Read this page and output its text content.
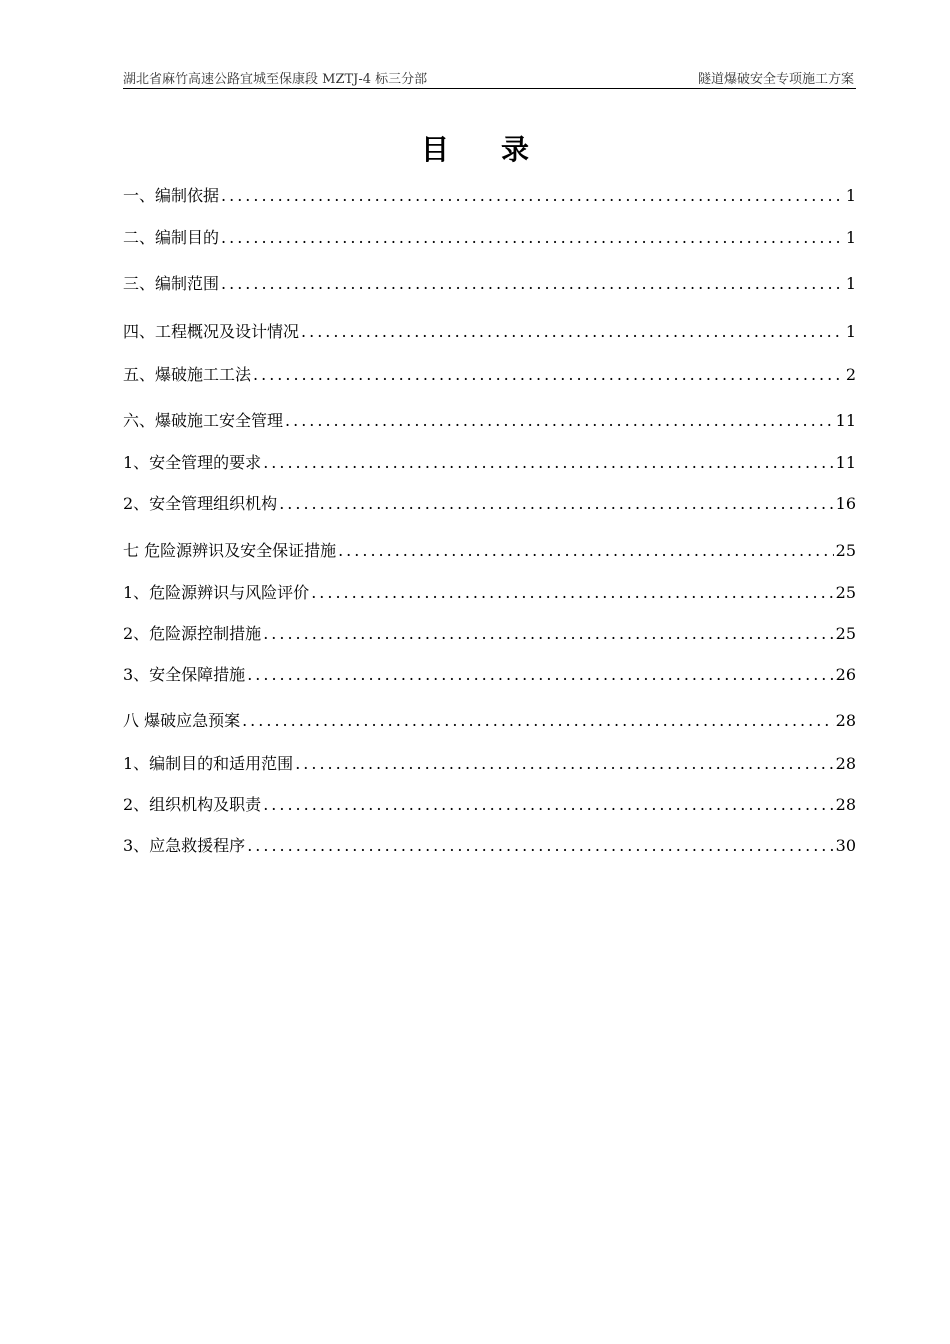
湖北省麻竹高速公路宜城至保康段 MZTJ-4 标三分部	隧道爆破安全专项施工方案
目录
一、编制依据 .....	1
二、编制目的 .....	1
三、编制范围 .....	1
四、工程概况及设计情况 .....	1
五、爆破施工工法 .....	2
六、爆破施工安全管理 .....	11
1、安全管理的要求 .....	11
2、安全管理组织机构 .....	16
七 危险源辨识及安全保证措施 .....	25
1、危险源辨识与风险评价 .....	25
2、危险源控制措施 .....	25
3、安全保障措施 .....	26
八 爆破应急预案 .....	28
1、编制目的和适用范围 .....	28
2、组织机构及职责 .....	28
3、应急救援程序 .....	30
